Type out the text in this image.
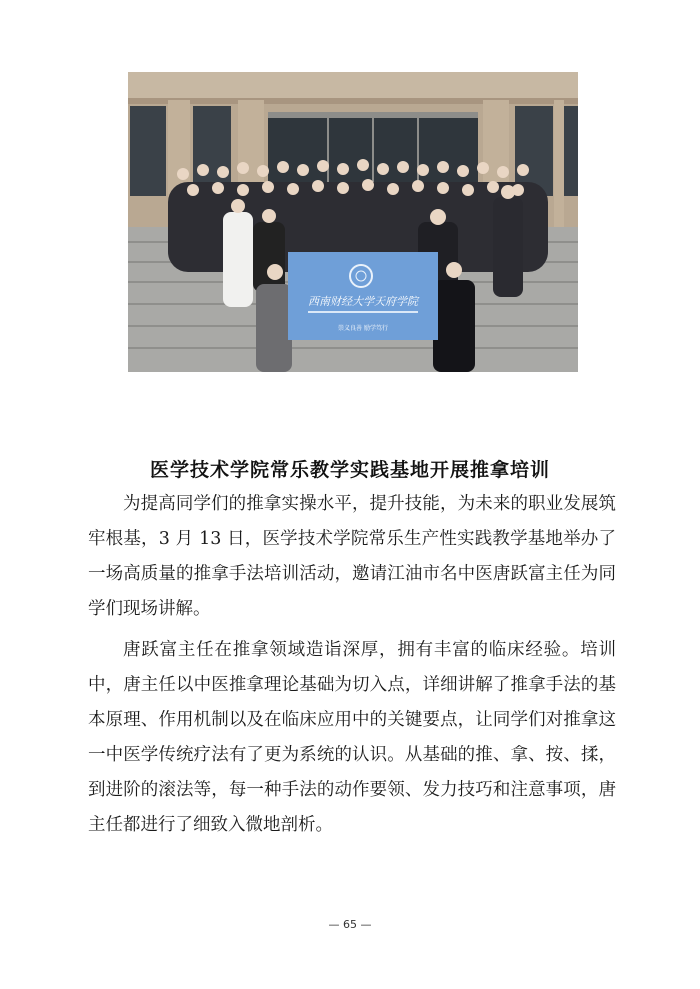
西南财经大学天府学院
崇义良善 励学笃行
医学技术学院常乐教学实践基地开展推拿培训

为提高同学们的推拿实操水平，提升技能，为未来的职业发展筑牢根基，3 月 13 日，医学技术学院常乐生产性实践教学基地举办了一场高质量的推拿手法培训活动，邀请江油市名中医唐跃富主任为同学们现场讲解。

唐跃富主任在推拿领域造诣深厚，拥有丰富的临床经验。培训中，唐主任以中医推拿理论基础为切入点，详细讲解了推拿手法的基本原理、作用机制以及在临床应用中的关键要点，让同学们对推拿这一中医学传统疗法有了更为系统的认识。从基础的推、拿、按、揉，到进阶的滚法等，每一种手法的动作要领、发力技巧和注意事项，唐主任都进行了细致入微地剖析。

— 65 —
